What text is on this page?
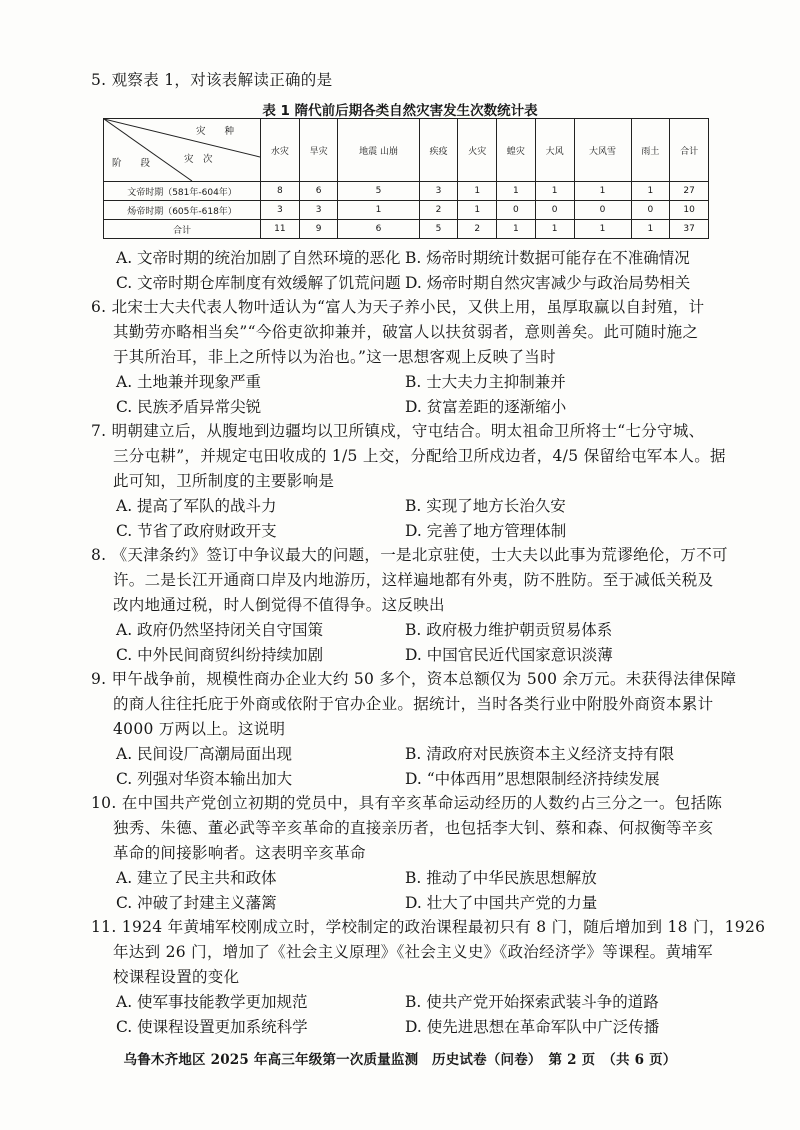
5. 观察表 1，对该表解读正确的是
表 1 隋代前后期各类自然灾害发生次数统计表
灾　　种
灾　次
阶　　段	水灾	旱灾	地震 山崩	疾疫	火灾	蝗灾	大风	大风雪	雨土	合计
文帝时期（581年-604年）	8	6	5	3	1	1	1	1	1	27
炀帝时期（605年-618年）	3	3	1	2	1	0	0	0	0	10
合计	11	9	6	5	2	1	1	1	1	37
A. 文帝时期的统治加剧了自然环境的恶化 B. 炀帝时期统计数据可能存在不准确情况
C. 文帝时期仓库制度有效缓解了饥荒问题 D. 炀帝时期自然灾害减少与政治局势相关
6. 北宋士大夫代表人物叶适认为“富人为天子养小民，又供上用，虽厚取赢以自封殖，计
其勤劳亦略相当矣”“今俗吏欲抑兼并，破富人以扶贫弱者，意则善矣。此可随时施之
于其所治耳，非上之所恃以为治也。”这一思想客观上反映了当时
A. 土地兼并现象严重	B. 士大夫力主抑制兼并
C. 民族矛盾异常尖锐	D. 贫富差距的逐渐缩小
7. 明朝建立后，从腹地到边疆均以卫所镇戍，守屯结合。明太祖命卫所将士“七分守城、
三分屯耕”，并规定屯田收成的 1/5 上交，分配给卫所戍边者，4/5 保留给屯军本人。据
此可知，卫所制度的主要影响是
A. 提高了军队的战斗力	B. 实现了地方长治久安
C. 节省了政府财政开支	D. 完善了地方管理体制
8. 《天津条约》签订中争议最大的问题，一是北京驻使，士大夫以此事为荒谬绝伦，万不可
许。二是长江开通商口岸及内地游历，这样遍地都有外夷，防不胜防。至于减低关税及
改内地通过税，时人倒觉得不值得争。这反映出
A. 政府仍然坚持闭关自守国策	B. 政府极力维护朝贡贸易体系
C. 中外民间商贸纠纷持续加剧	D. 中国官民近代国家意识淡薄
9. 甲午战争前，规模性商办企业大约 50 多个，资本总额仅为 500 余万元。未获得法律保障
的商人往往托庇于外商或依附于官办企业。据统计，当时各类行业中附股外商资本累计
4000 万两以上。这说明
A. 民间设厂高潮局面出现	B. 清政府对民族资本主义经济支持有限
C. 列强对华资本输出加大	D. “中体西用”思想限制经济持续发展
10. 在中国共产党创立初期的党员中，具有辛亥革命运动经历的人数约占三分之一。包括陈
独秀、朱德、董必武等辛亥革命的直接亲历者，也包括李大钊、蔡和森、何叔衡等辛亥
革命的间接影响者。这表明辛亥革命
A. 建立了民主共和政体	B. 推动了中华民族思想解放
C. 冲破了封建主义藩篱	D. 壮大了中国共产党的力量
11. 1924 年黄埔军校刚成立时，学校制定的政治课程最初只有 8 门，随后增加到 18 门，1926
年达到 26 门，增加了《社会主义原理》《社会主义史》《政治经济学》等课程。黄埔军
校课程设置的变化
A. 使军事技能教学更加规范	B. 使共产党开始探索武装斗争的道路
C. 使课程设置更加系统科学	D. 使先进思想在革命军队中广泛传播
乌鲁木齐地区 2025 年高三年级第一次质量监测　历史试卷（问卷）　第 2 页　（共 6 页）
